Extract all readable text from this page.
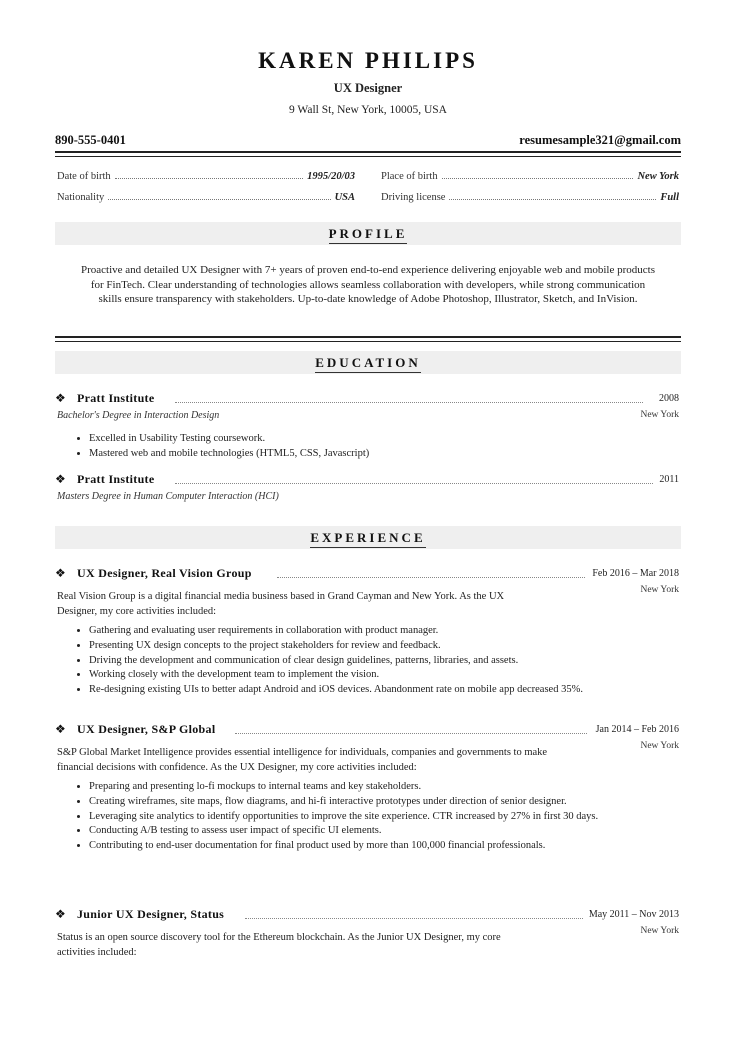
KAREN PHILIPS
UX Designer
9 Wall St, New York, 10005, USA
890-555-0401	resumesample321@gmail.com
Date of birth	1995/20/03
Nationality	USA
Place of birth	New York
Driving license	Full
PROFILE
Proactive and detailed UX Designer with 7+ years of proven end-to-end experience delivering enjoyable web and mobile products for FinTech. Clear understanding of technologies allows seamless collaboration with developers, while strong communication skills ensure transparency with stakeholders. Up-to-date knowledge of Adobe Photoshop, Illustrator, Sketch, and InVision.
EDUCATION
❖ Pratt Institute	2008
New York
Bachelor's Degree in Interaction Design
• Excelled in Usability Testing coursework.
• Mastered web and mobile technologies (HTML5, CSS, Javascript)
❖ Pratt Institute	2011
Masters Degree in Human Computer Interaction (HCI)
EXPERIENCE
❖ UX Designer, Real Vision Group	Feb 2016 – Mar 2018
New York
Real Vision Group is a digital financial media business based in Grand Cayman and New York. As the UX Designer, my core activities included:
• Gathering and evaluating user requirements in collaboration with product manager.
• Presenting UX design concepts to the project stakeholders for review and feedback.
• Driving the development and communication of clear design guidelines, patterns, libraries, and assets.
• Working closely with the development team to implement the vision.
• Re-designing existing UIs to better adapt Android and iOS devices. Abandonment rate on mobile app decreased 35%.
❖ UX Designer, S&P Global	Jan 2014 – Feb 2016
New York
S&P Global Market Intelligence provides essential intelligence for individuals, companies and governments to make financial decisions with confidence. As the UX Designer, my core activities included:
• Preparing and presenting lo-fi mockups to internal teams and key stakeholders.
• Creating wireframes, site maps, flow diagrams, and hi-fi interactive prototypes under direction of senior designer.
• Leveraging site analytics to identify opportunities to improve the site experience. CTR increased by 27% in first 30 days.
• Conducting A/B testing to assess user impact of specific UI elements.
• Contributing to end-user documentation for final product used by more than 100,000 financial professionals.
❖ Junior UX Designer, Status	May 2011 – Nov 2013
New York
Status is an open source discovery tool for the Ethereum blockchain. As the Junior UX Designer, my core activities included:
